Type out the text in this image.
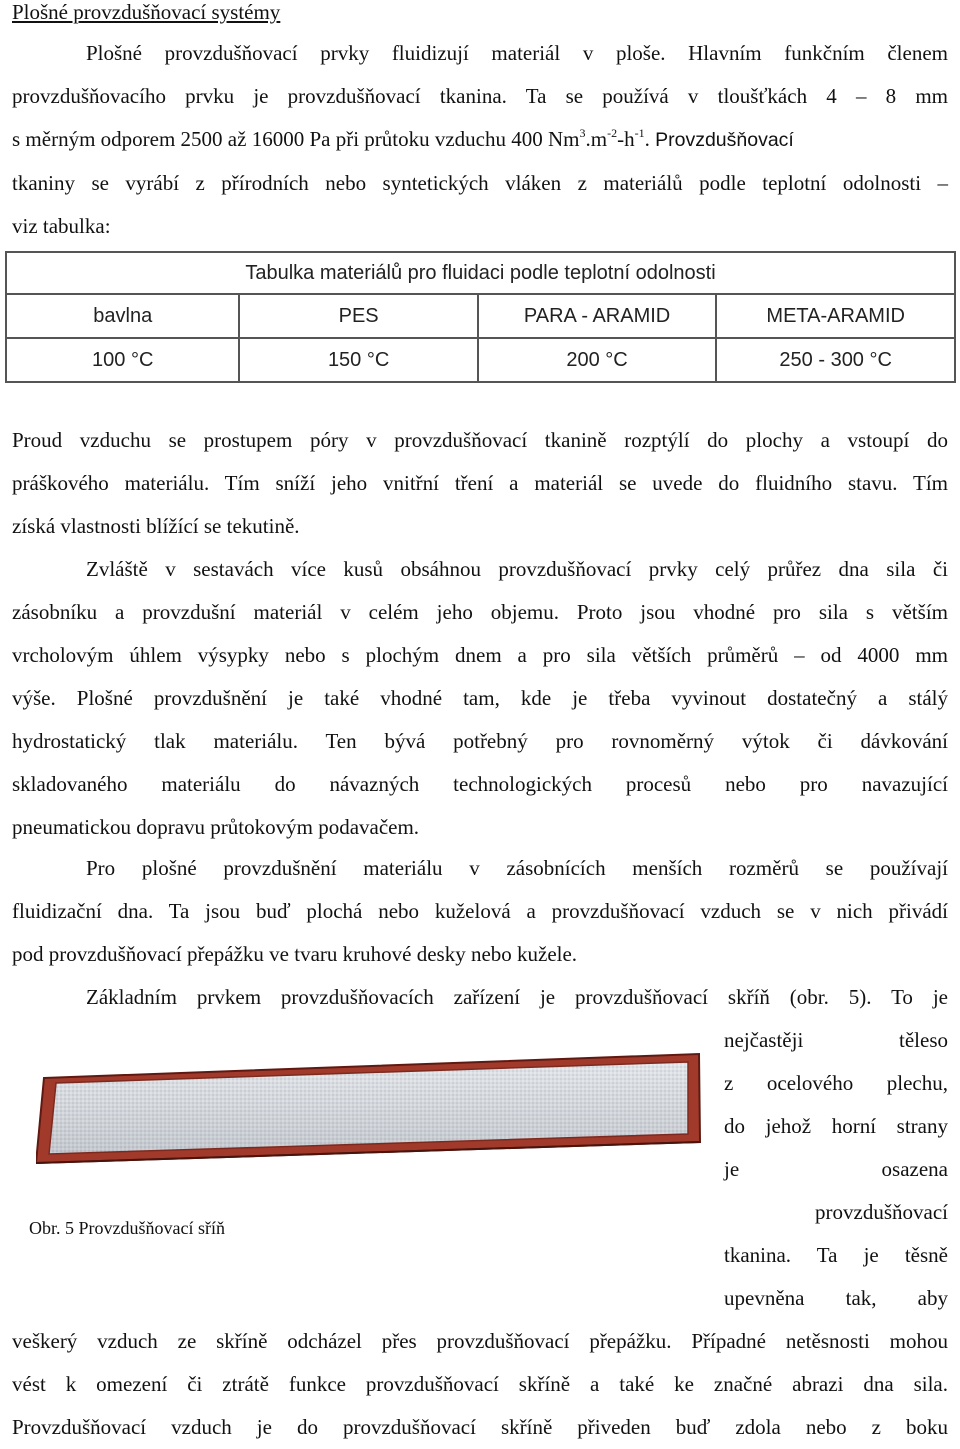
Plošné provzdušňovací systémy
Plošné provzdušňovací prvky fluidizují materiál v ploše. Hlavním funkčním členem
provzdušňovacího prvku je provzdušňovací tkanina. Ta se používá v tloušťkách 4 – 8 mm
s měrným odporem 2500 až 16000 Pa při průtoku vzduchu 400 $Nm^3.m^{-2}-h^{-1}$. Provzdušňovací
tkaniny se vyrábí z přírodních nebo syntetických vláken z materiálů podle teplotní odolnosti –
viz tabulka:
Tabulka materiálů pro fluidaci podle teplotní odolnosti			
bavlna	PES	PARA - ARAMID	META-ARAMID
100 °C	150 °C	200 °C	250 - 300 °C
Proud vzduchu se prostupem póry v provzdušňovací tkanině rozptýlí do plochy a vstoupí do
práškového materiálu. Tím sníží jeho vnitřní tření a materiál se uvede do fluidního stavu. Tím
získá vlastnosti blížící se tekutině.
Zvláště v sestavách více kusů obsáhnou provzdušňovací prvky celý průřez dna sila či
zásobníku a provzdušní materiál v celém jeho objemu. Proto jsou vhodné pro sila s větším
vrcholovým úhlem výsypky nebo s plochým dnem a pro sila větších průměrů – od 4000 mm
výše. Plošné provzdušnění je také vhodné tam, kde je třeba vyvinout dostatečný a stálý
hydrostatický tlak materiálu. Ten bývá potřebný pro rovnoměrný výtok či dávkování
skladovaného materiálu do návazných technologických procesů nebo pro navazující
pneumatickou dopravu průtokovým podavačem.
Pro plošné provzdušnění materiálu v zásobnících menších rozměrů se používají
fluidizační dna. Ta jsou buď plochá nebo kuželová a provzdušňovací vzduch se v nich přivádí
pod provzdušňovací přepážku ve tvaru kruhové desky nebo kužele.
Základním prvkem provzdušňovacích zařízení je provzdušňovací skříň (obr. 5). To je
Obr. 5 Provzdušňovací sříň
nejčastěji těleso
z ocelového plechu,
do jehož horní strany
je osazena
provzdušňovací
tkanina. Ta je těsně
upevněna tak, aby
veškerý vzduch ze skříně odcházel přes provzdušňovací přepážku. Případné netěsnosti mohou
vést k omezení či ztrátě funkce provzdušňovací skříně a také ke značné abrazi dna sila.
Provzdušňovací vzduch je do provzdušňovací skříně přiveden buď zdola nebo z boku
